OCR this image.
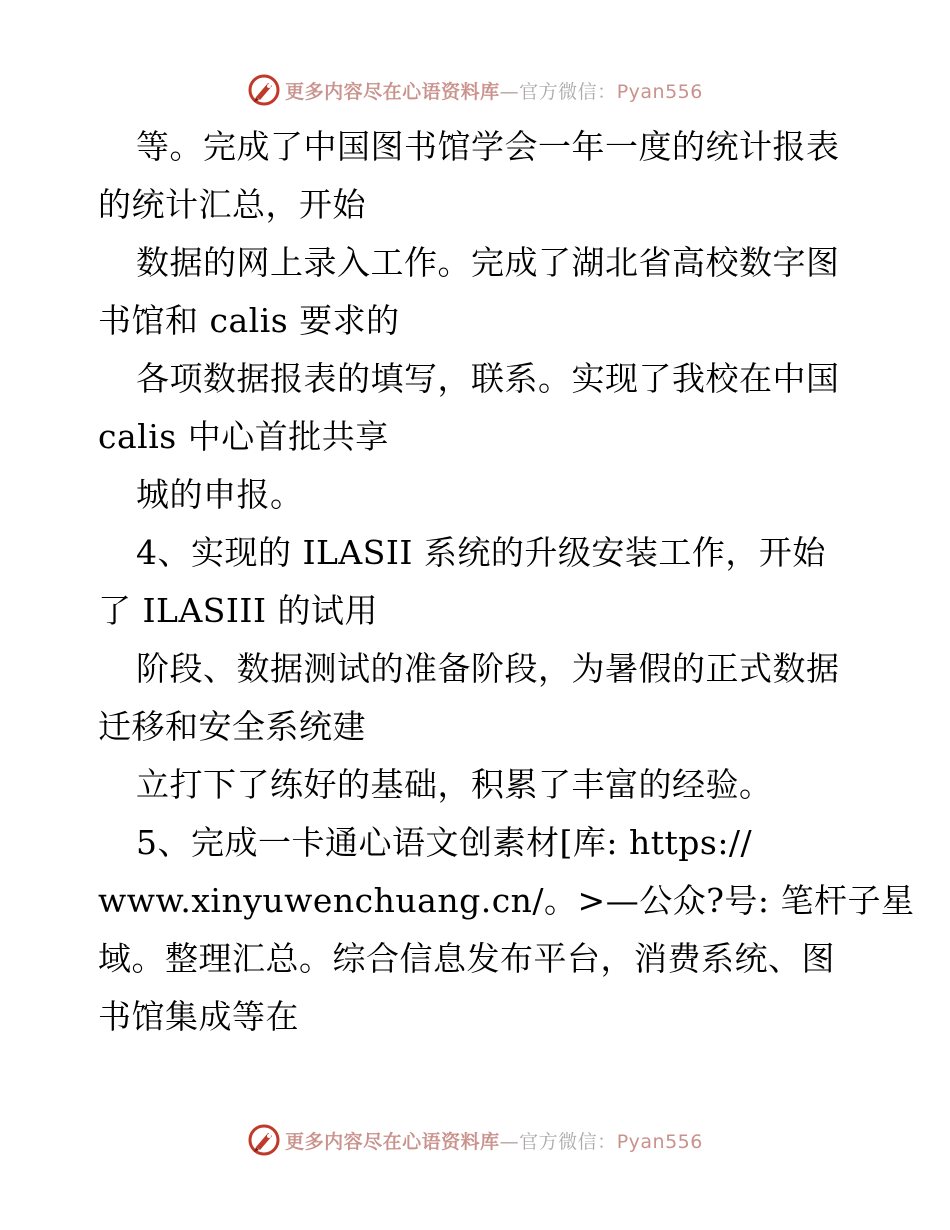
更多内容尽在心语资料库—官方微信：Pyan556
等。完成了中国图书馆学会一年一度的统计报表
的统计汇总，开始
数据的网上录入工作。完成了湖北省高校数字图
书馆和 calis 要求的
各项数据报表的填写，联系。实现了我校在中国
calis 中心首批共享
城的申报。
4、实现的 ILASII 系统的升级安装工作，开始
了 ILASIII 的试用
阶段、数据测试的准备阶段，为暑假的正式数据
迁移和安全系统建
立打下了练好的基础，积累了丰富的经验。
5、完成一卡通心语文创素材[库: https://
www.xinyuwenchuang.cn/。>—公众?号: 笔杆子星
域。整理汇总。综合信息发布平台，消费系统、图
书馆集成等在
更多内容尽在心语资料库—官方微信：Pyan556
